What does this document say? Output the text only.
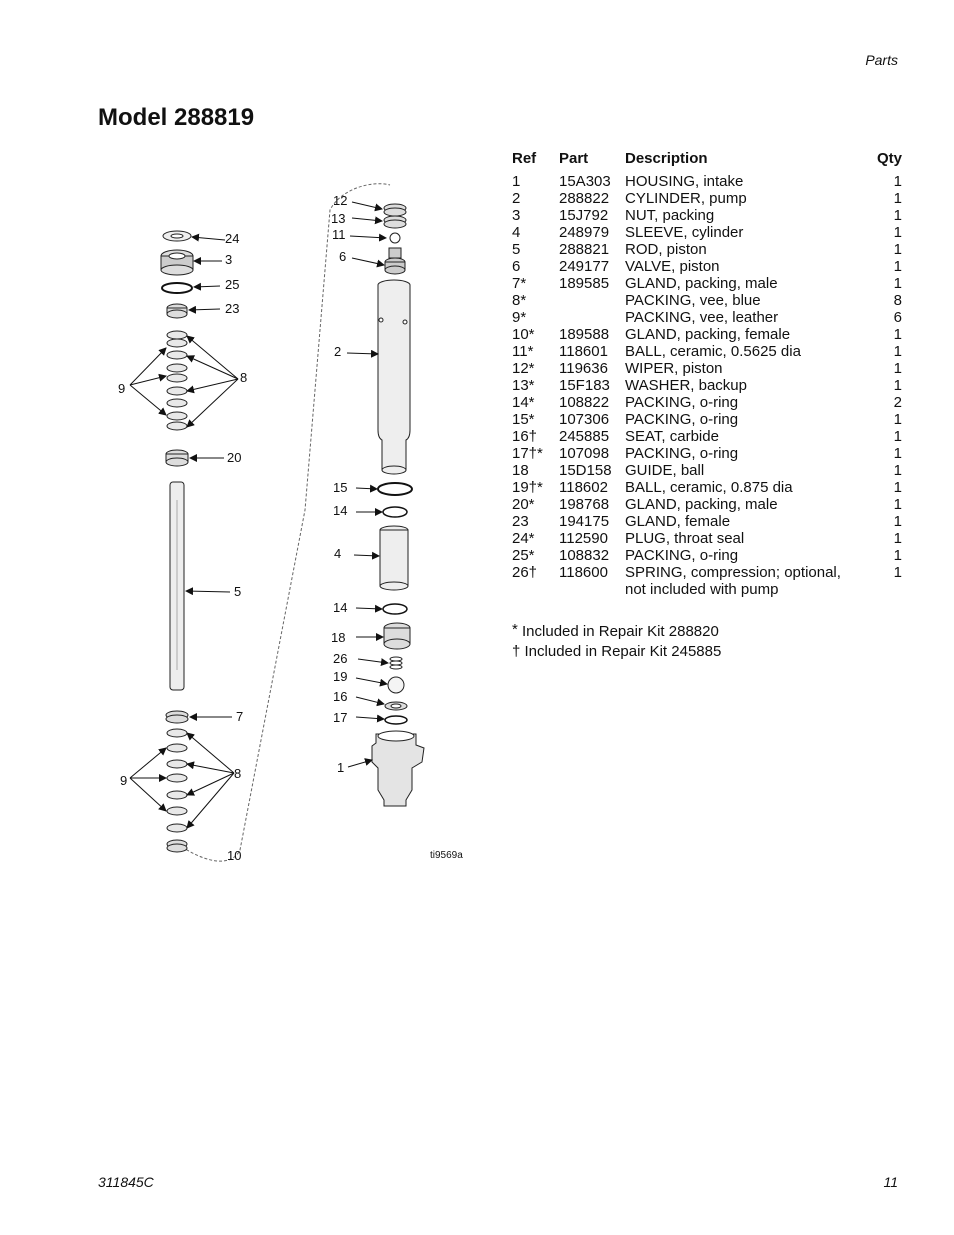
Parts
Model 288819
24
3
25
23
9
8
20
5
7
9	8
10
12
13
11
6
2
15
14
4
14
18
26
19
16
17
1
ti9569a
Ref	Part	Description	Qty
1	15A303	HOUSING, intake	1
2	288822	CYLINDER, pump	1
3	15J792	NUT, packing	1
4	248979	SLEEVE, cylinder	1
5	288821	ROD, piston	1
6	249177	VALVE, piston	1
7*	189585	GLAND, packing, male	1
8*		PACKING, vee, blue	8
9*		PACKING, vee, leather	6
10*	189588	GLAND, packing, female	1
11*	118601	BALL, ceramic, 0.5625 dia	1
12*	119636	WIPER, piston	1
13*	15F183	WASHER, backup	1
14*	108822	PACKING, o-ring	2
15*	107306	PACKING, o-ring	1
16†	245885	SEAT, carbide	1
17†*	107098	PACKING, o-ring	1
18	15D158	GUIDE, ball	1
19†*	118602	BALL, ceramic, 0.875 dia	1
20*	198768	GLAND, packing, male	1
23	194175	GLAND, female	1
24*	112590	PLUG, throat seal	1
25*	108832	PACKING, o-ring	1
26†	118600	SPRING, compression; optional,
not included with pump	1
* Included in Repair Kit 288820
† Included in Repair Kit 245885
311845C	11
